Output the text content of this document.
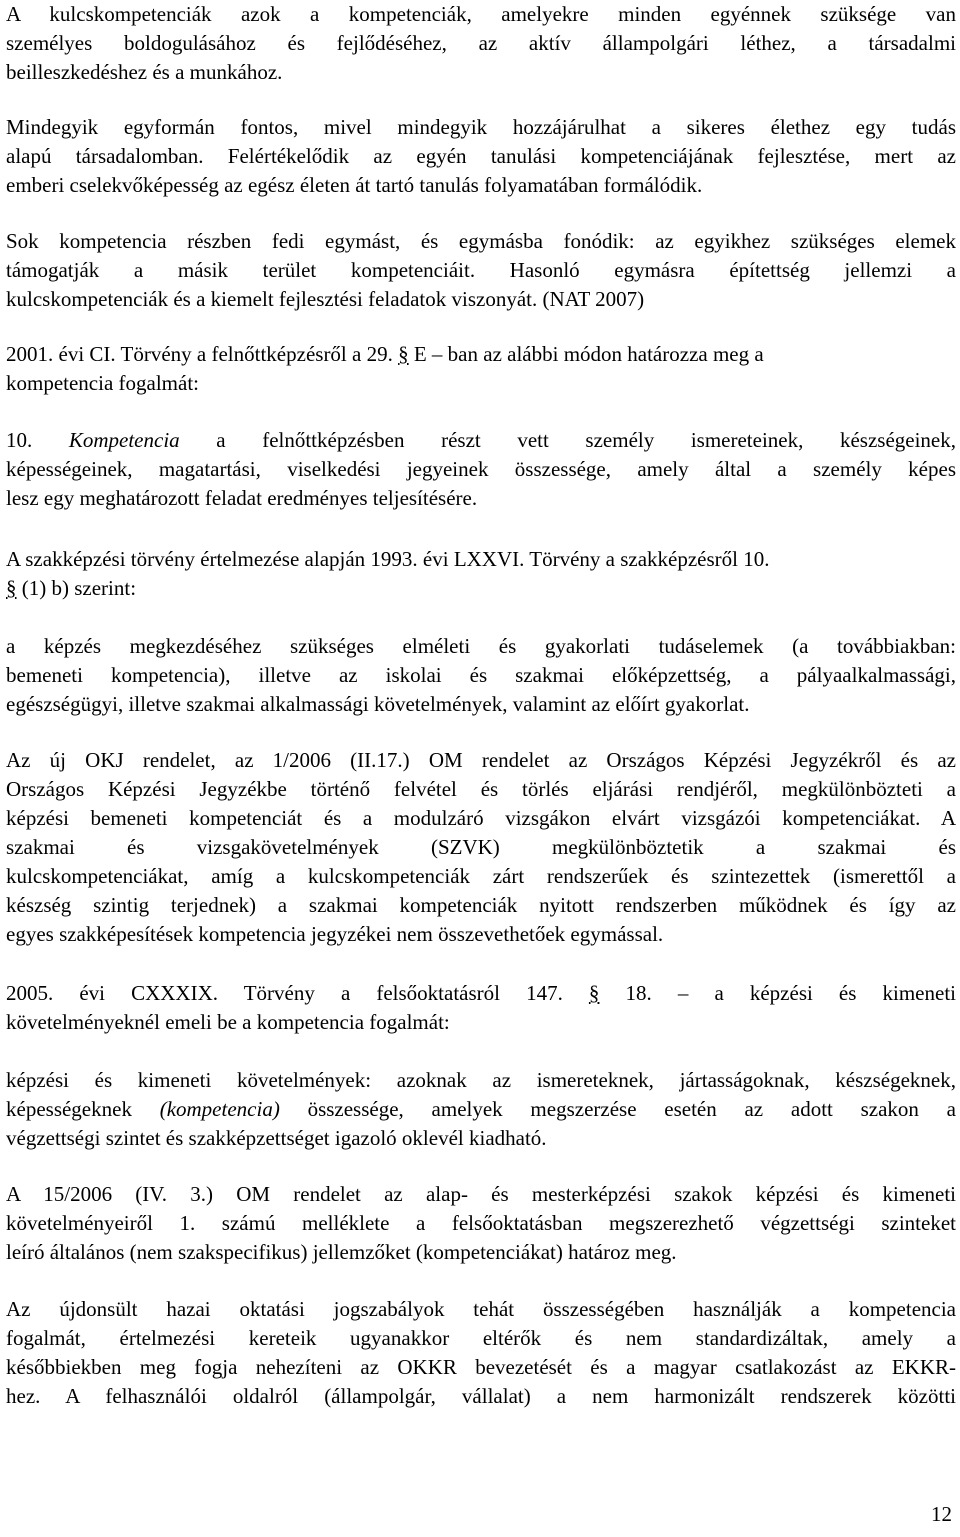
A kulcskompetenciák azok a kompetenciák, amelyekre minden egyénnek szüksége van
személyes boldogulásához és fejlődéséhez, az aktív állampolgári léthez, a társadalmi
beilleszkedéshez és a munkához.
Mindegyik egyformán fontos, mivel mindegyik hozzájárulhat a sikeres élethez egy tudás
alapú társadalomban. Felértékelődik az egyén tanulási kompetenciájának fejlesztése, mert az
emberi cselekvőképesség az egész életen át tartó tanulás folyamatában formálódik.
Sok kompetencia részben fedi egymást, és egymásba fonódik: az egyikhez szükséges elemek
támogatják a másik terület kompetenciáit. Hasonló egymásra építettség jellemzi a
kulcskompetenciák és a kiemelt fejlesztési feladatok viszonyát. (NAT 2007)
2001. évi CI. Törvény a felnőttképzésről a 29. § E – ban az alábbi módon határozza meg a
kompetencia fogalmát:
10. Kompetencia a felnőttképzésben részt vett személy ismereteinek, készségeinek,
képességeinek, magatartási, viselkedési jegyeinek összessége, amely által a személy képes
lesz egy meghatározott feladat eredményes teljesítésére.
A szakképzési törvény értelmezése alapján 1993. évi LXXVI. Törvény a szakképzésről 10.
§ (1) b) szerint:
a képzés megkezdéséhez szükséges elméleti és gyakorlati tudáselemek (a továbbiakban:
bemeneti kompetencia), illetve az iskolai és szakmai előképzettség, a pályaalkalmassági,
egészségügyi, illetve szakmai alkalmassági követelmények, valamint az előírt gyakorlat.
Az új OKJ rendelet, az 1/2006 (II.17.) OM rendelet az Országos Képzési Jegyzékről és az
Országos Képzési Jegyzékbe történő felvétel és törlés eljárási rendjéről, megkülönbözteti a
képzési bemeneti kompetenciát és a modulzáró vizsgákon elvárt vizsgázói kompetenciákat. A
szakmai és vizsgakövetelmények (SZVK) megkülönböztetik a szakmai és
kulcskompetenciákat, amíg a kulcskompetenciák zárt rendszerűek és szintezettek (ismerettől a
készség szintig terjednek) a szakmai kompetenciák nyitott rendszerben működnek és így az
egyes szakképesítések kompetencia jegyzékei nem összevethetőek egymással.
2005. évi CXXXIX. Törvény a felsőoktatásról 147. § 18. – a képzési és kimeneti
követelményeknél emeli be a kompetencia fogalmát:
képzési és kimeneti követelmények: azoknak az ismereteknek, jártasságoknak, készségeknek,
képességeknek (kompetencia) összessége, amelyek megszerzése esetén az adott szakon a
végzettségi szintet és szakképzettséget igazoló oklevél kiadható.
A 15/2006 (IV. 3.) OM rendelet az alap- és mesterképzési szakok képzési és kimeneti
követelményeiről 1. számú melléklete a felsőoktatásban megszerezhető végzettségi szinteket
leíró általános (nem szakspecifikus) jellemzőket (kompetenciákat) határoz meg.
Az újdonsült hazai oktatási jogszabályok tehát összességében használják a kompetencia
fogalmát, értelmezési kereteik ugyanakkor eltérők és nem standardizáltak, amely a
későbbiekben meg fogja nehezíteni az OKKR bevezetését és a magyar csatlakozást az EKKR-
hez. A felhasználói oldalról (állampolgár, vállalat) a nem harmonizált rendszerek közötti
12
